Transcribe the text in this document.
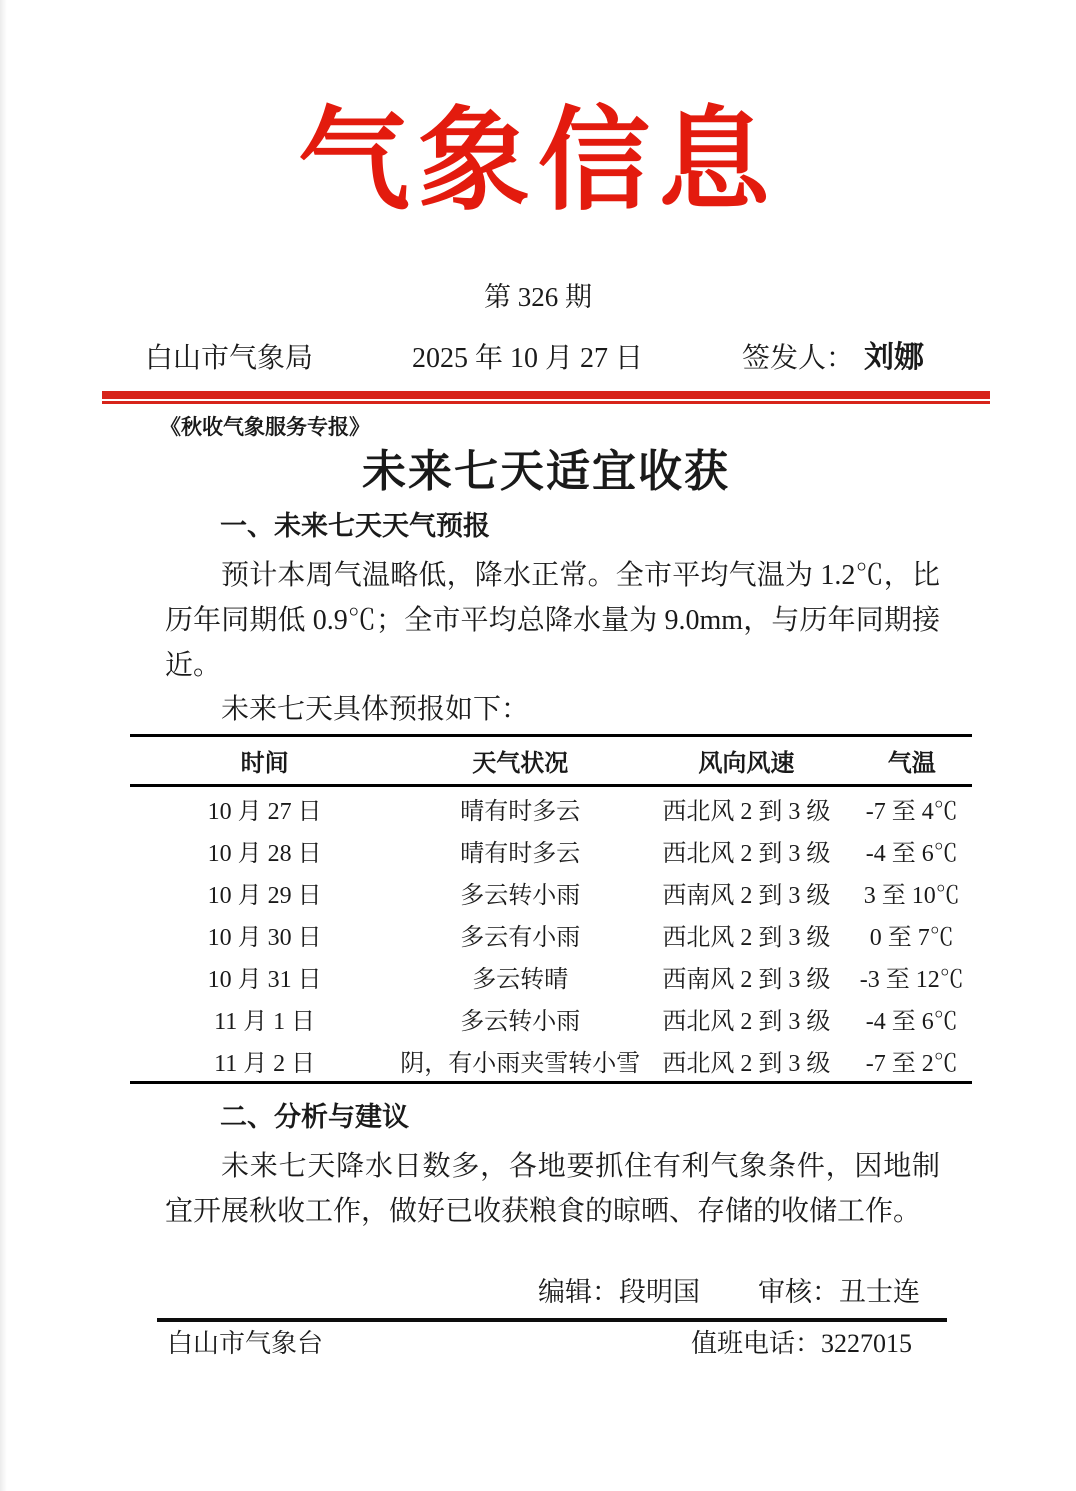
气象信息
第 326 期
白山市气象局	2025 年 10 月 27 日	签发人： 刘娜
《秋收气象服务专报》
未来七天适宜收获
一、未来七天天气预报

预计本周气温略低，降水正常。全市平均气温为 1.2℃，比历年同期低 0.9℃；全市平均总降水量为 9.0mm，与历年同期接近。

未来七天具体预报如下：

时间	天气状况	风向风速	气温
10 月 27 日	晴有时多云	西北风 2 到 3 级	-7 至 4℃
10 月 28 日	晴有时多云	西北风 2 到 3 级	-4 至 6℃
10 月 29 日	多云转小雨	西南风 2 到 3 级	3 至 10℃
10 月 30 日	多云有小雨	西北风 2 到 3 级	0 至 7℃
10 月 31 日	多云转晴	西南风 2 到 3 级	-3 至 12℃
11 月 1 日	多云转小雨	西北风 2 到 3 级	-4 至 6℃
11 月 2 日	阴，有小雨夹雪转小雪	西北风 2 到 3 级	-7 至 2℃
二、分析与建议

未来七天降水日数多，各地要抓住有利气象条件，因地制宜开展秋收工作，做好已收获粮食的晾晒、存储的收储工作。

编辑：段明国 审核：丑士连
白山市气象台	值班电话：3227015
